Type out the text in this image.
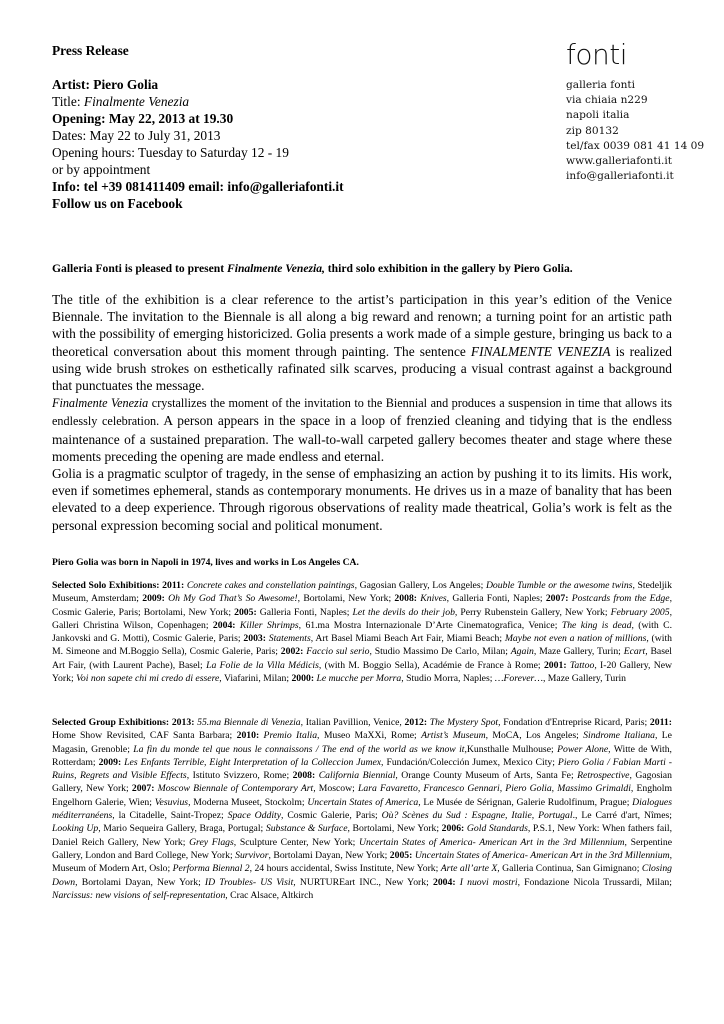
Press Release
Artist: Piero Golia
Title: Finalmente Venezia
Opening: May 22, 2013 at 19.30
Dates: May 22 to July 31, 2013
Opening hours: Tuesday to Saturday 12 - 19
or by appointment
Info: tel +39 081411409 email: info@galleriafonti.it
Follow us on Facebook
fonti
galleria fonti
via chiaia n229
napoli italia
zip 80132
tel/fax 0039 081 41 14 09
www.galleriafonti.it
info@galleriafonti.it
Galleria Fonti is pleased to present Finalmente Venezia, third solo exhibition in the gallery by Piero Golia.

The title of the exhibition is a clear reference to the artist’s participation in this year’s edition of the Venice Biennale. The invitation to the Biennale is all along a big reward and renown; a turning point for an artistic path with the possibility of emerging historicized. Golia presents a work made of a simple gesture, bringing us back to a theoretical conversation about this moment through painting. The sentence FINALMENTE VENEZIA is realized using wide brush strokes on esthetically rafinated silk scarves, producing a visual contrast against a background that punctuates the message.

Finalmente Venezia crystallizes the moment of the invitation to the Biennial and produces a suspension in time that allows its endlessly celebration. A person appears in the space in a loop of frenzied cleaning and tidying that is the endless maintenance of a sustained preparation. The wall-to-wall carpeted gallery becomes theater and stage where these moments preceding the opening are made endless and eternal.

Golia is a pragmatic sculptor of tragedy, in the sense of emphasizing an action by pushing it to its limits. His work, even if sometimes ephemeral, stands as contemporary monuments. He drives us in a maze of banality that has been elevated to a deep experience. Through rigorous observations of reality made theatrical, Golia’s work is felt as the personal expression becoming social and political monument.

Piero Golia was born in Napoli in 1974, lives and works in Los Angeles CA.
Selected Solo Exhibitions: 2011: Concrete cakes and constellation paintings, Gagosian Gallery, Los Angeles; Double Tumble or the awesome twins, Stedeljik Museum, Amsterdam; 2009: Oh My God That’s So Awesome!, Bortolami, New York; 2008: Knives, Galleria Fonti, Naples; 2007: Postcards from the Edge, Cosmic Galerie, Paris; Bortolami, New York; 2005: Galleria Fonti, Naples; Let the devils do their job, Perry Rubenstein Gallery, New York; February 2005, Galleri Christina Wilson, Copenhagen; 2004: Killer Shrimps, 61.ma Mostra Internazionale D’Arte Cinematografica, Venice; The king is dead, (with C. Jankovski and G. Motti), Cosmic Galerie, Paris; 2003: Statements, Art Basel Miami Beach Art Fair, Miami Beach; Maybe not even a nation of millions, (with M. Simeone and M.Boggio Sella), Cosmic Galerie, Paris; 2002: Faccio sul serio, Studio Massimo De Carlo, Milan; Again, Maze Gallery, Turin; Ecart, Basel Art Fair, (with Laurent Pache), Basel; La Folie de la Villa Médicis, (with M. Boggio Sella), Académie de France à Rome; 2001: Tattoo, I-20 Gallery, New York; Voi non sapete chi mi credo di essere, Viafarini, Milan; 2000: Le mucche per Morra, Studio Morra, Naples; …Forever…, Maze Gallery, Turin
Selected Group Exhibitions: 2013: 55.ma Biennale di Venezia, Italian Pavillion, Venice, 2012: The Mystery Spot, Fondation d'Entreprise Ricard, Paris; 2011: Home Show Revisited, CAF Santa Barbara; 2010: Premio Italia, Museo MaXXi, Rome; Artist’s Museum, MoCA, Los Angeles; Sindrome Italiana, Le Magasin, Grenoble; La fin du monde tel que nous le connaissons / The end of the world as we know it,Kunsthalle Mulhouse; Power Alone, Witte de With, Rotterdam; 2009: Les Enfants Terrible, Eight Interpretation of la Colleccion Jumex, Fundación/Colección Jumex, Mexico City; Piero Golia / Fabian Marti - Ruins, Regrets and Visible Effects, Istituto Svizzero, Rome; 2008: California Biennial, Orange County Museum of Arts, Santa Fe; Retrospective, Gagosian Gallery, New York; 2007: Moscow Biennale of Contemporary Art, Moscow; Lara Favaretto, Francesco Gennari, Piero Golia, Massimo Grimaldi, Engholm Engelhorn Galerie, Wien; Vesuvius, Moderna Museet, Stockolm; Uncertain States of America, Le Musée de Sérignan, Galerie Rudolfinum, Prague; Dialogues méditerranéens, la Citadelle, Saint-Tropez; Space Oddity, Cosmic Galerie, Paris; Où? Scènes du Sud : Espagne, Italie, Portugal., Le Carré d'art, Nîmes; Looking Up, Mario Sequeira Gallery, Braga, Portugal; Substance & Surface, Bortolami, New York; 2006: Gold Standards, P.S.1, New York: When fathers fail, Daniel Reich Gallery, New York; Grey Flags, Sculpture Center, New York; Uncertain States of America- American Art in the 3rd Millennium, Serpentine Gallery, London and Bard College, New York; Survivor, Bortolami Dayan, New York; 2005: Uncertain States of America- American Art in the 3rd Millennium, Museum of Modern Art, Oslo; Performa Biennal 2, 24 hours accidental, Swiss Institute, New York; Arte all’arte X, Galleria Continua, San Gimignano; Closing Down, Bortolami Dayan, New York; ID Troubles- US Visit, NURTUREart INC., New York; 2004: I nuovi mostri, Fondazione Nicola Trussardi, Milan; Narcissus: new visions of self-representation, Crac Alsace, Altkirch
